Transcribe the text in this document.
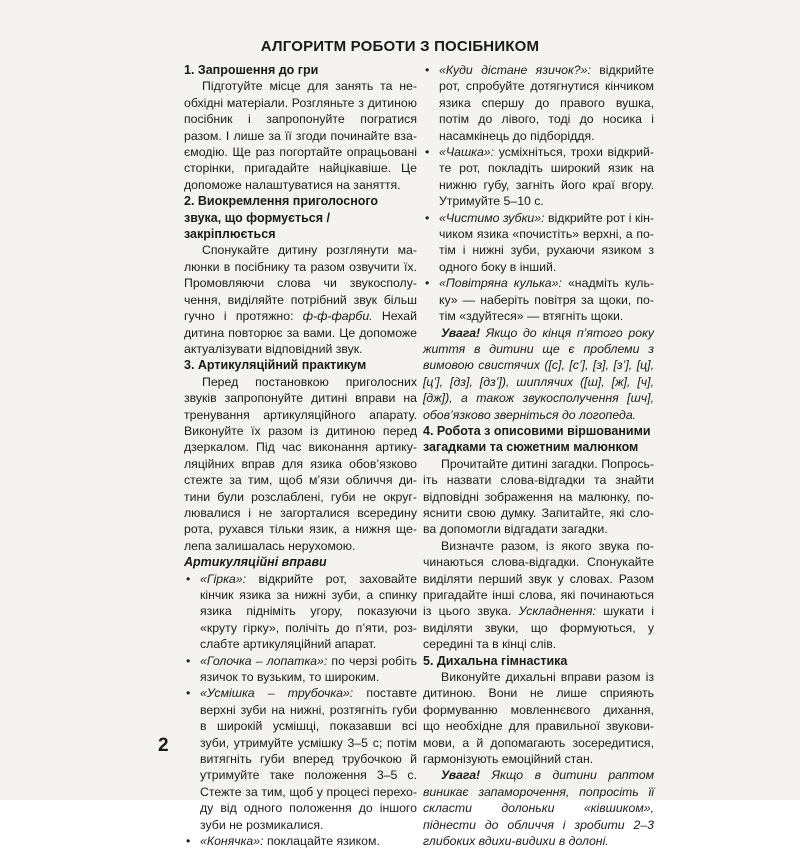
АЛГОРИТМ РОБОТИ З ПОСІБНИКОМ
1. Запрошення до гри

Підготуйте місце для занять та необхідні матеріали. Розгляньте з дитиною посібник і запропонуйте погратися разом. І лише за її згоди починайте взаємодію. Ще раз погортайте опрацьовані сторінки, пригадайте найцікавіше. Це допоможе налаштуватися на заняття.

2. Виокремлення приголосного звука, що формується / закріплюється

Спонукайте дитину розглянути малюнки в посібнику та разом озвучити їх. Промовляючи слова чи звукосполучення, виділяйте потрібний звук більш гучно і протяжно: ф-ф-фарби. Нехай дитина повторює за вами. Це допоможе актуалізувати відповідний звук.

3. Артикуляційний практикум

Перед постановкою приголосних звуків запропонуйте дитині вправи на тренування артикуляційного апарату. Виконуйте їх разом із дитиною перед дзеркалом. Під час виконання артикуляційних вправ для язика обов’язково стежте за тим, щоб м’язи обличчя дитини були розслаблені, губи не округлювалися і не загорталися всередину рота, рухався тільки язик, а нижня щелепа залишалась нерухомою.

Артикуляційні вправи
• «Гірка»: відкрийте рот, заховайте кінчик язика за нижні зуби, а спинку язика підніміть угору, показуючи «круту гірку», полічіть до п’яти, розслабте артикуляційний апарат.
• «Голочка – лопатка»: по черзі робіть язичок то вузьким, то широким.
• «Усмішка – трубочка»: поставте верхні зуби на нижні, розтягніть губи в широкій усмішці, показавши всі зуби, утримуйте усмішку 3–5 с; потім витягніть губи вперед трубочкою й утримуйте таке положення 3–5 с. Стежте за тим, щоб у процесі переходу від одного положення до іншого зуби не розмикалися.
• «Конячка»: поклацайте язиком.
• «Куди дістане язичок?»: відкрийте рот, спробуйте дотягнутися кінчиком язика спершу до правого вушка, потім до лівого, тоді до носика і насамкінець до підборіддя.
• «Чашка»: усміхніться, трохи відкрийте рот, покладіть широкий язик на нижню губу, загніть його краї вгору. Утримуйте 5–10 с.
• «Чистимо зубки»: відкрийте рот і кінчиком язика «почистіть» верхні, а потім і нижні зуби, рухаючи язиком з одного боку в інший.
• «Повітряна кулька»: «надміть кульку» — наберіть повітря за щоки, потім «здуйтеся» — втягніть щоки.

Увага! Якщо до кінця п’ятого року життя в дитини ще є проблеми з вимовою свистячих ([с], [с’], [з], [з’], [ц], [ц’], [дз], [дз’]), шиплячих ([ш], [ж], [ч], [дж]), а також звукосполучення [шч], обов’язково зверніться до логопеда.

4. Робота з описовими віршованими загадками та сюжетним малюнком

Прочитайте дитині загадки. Попросьіть назвати слова-відгадки та знайти відповідні зображення на малюнку, пояснити свою думку. Запитайте, які слова допомогли відгадати загадки.

Визначте разом, із якого звука починаються слова-відгадки. Спонукайте виділяти перший звук у словах. Разом пригадайте інші слова, які починаються із цього звука. Ускладнення: шукати і виділяти звуки, що формуються, у середині та в кінці слів.

5. Дихальна гімнастика

Виконуйте дихальні вправи разом із дитиною. Вони не лише сприяють формуванню мовленнєвого дихання, що необхідне для правильної звуковимови, а й допомагають зосередитися, гармонізують емоційний стан.

Увага! Якщо в дитини раптом виникає запаморочення, попросіть її скласти долоньки «ківшиком», піднести до обличчя і зробити 2–3 глибоких вдихи-видихи в долоні.

2
